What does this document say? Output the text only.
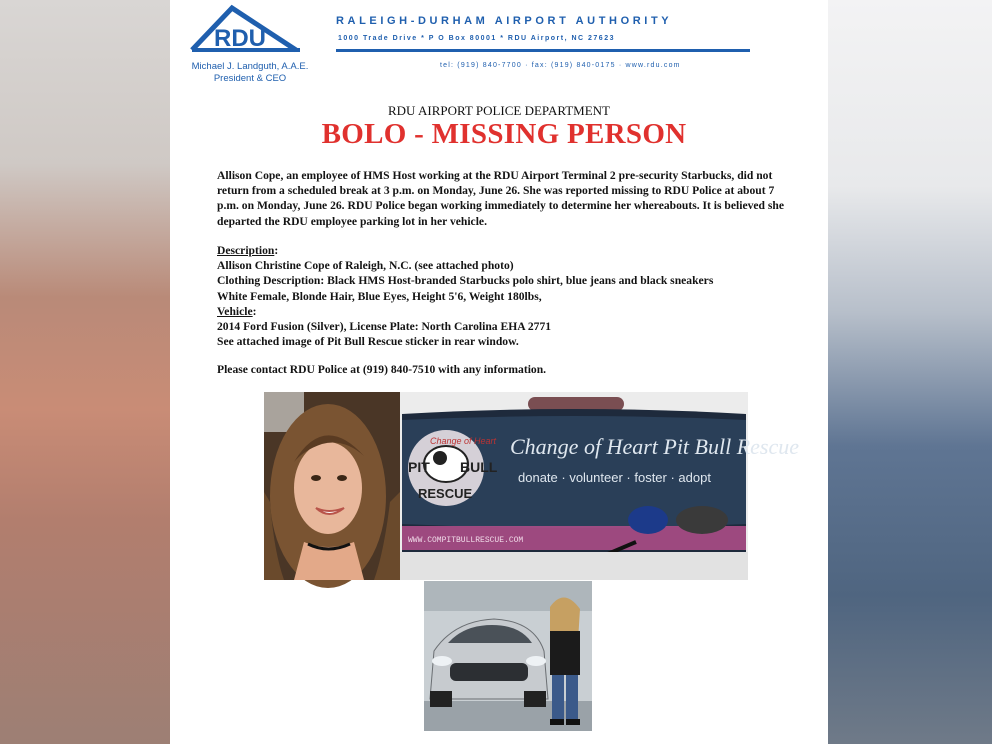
RDU
Michael J. Landguth, A.A.E.
President & CEO
RALEIGH-DURHAM AIRPORT AUTHORITY
1000 Trade Drive * P O Box 80001 * RDU Airport, NC 27623
tel: (919) 840-7700 · fax: (919) 840-0175 · www.rdu.com
RDU AIRPORT POLICE DEPARTMENT
BOLO - MISSING PERSON
Allison Cope, an employee of HMS Host working at the RDU Airport Terminal 2 pre-security Starbucks, did not return from a scheduled break at 3 p.m. on Monday, June 26. She was reported missing to RDU Police at about 7 p.m. on Monday, June 26. RDU Police began working immediately to determine her whereabouts. It is believed she departed the RDU employee parking lot in her vehicle.
Description:
Allison Christine Cope of Raleigh, N.C. (see attached photo)
Clothing Description: Black HMS Host-branded Starbucks polo shirt, blue jeans and black sneakers
White Female, Blonde Hair, Blue Eyes, Height 5'6, Weight 180lbs,
Vehicle:
2014 Ford Fusion (Silver), License Plate: North Carolina EHA 2771
See attached image of Pit Bull Rescue sticker in rear window.
Please contact RDU Police at (919) 840-7510 with any information.
Change of Heart
PIT BULL
RESCUE
Change of Heart Pit Bull Rescue
donate · volunteer · foster · adopt
WWW.COMPITBULLRESCUE.COM
